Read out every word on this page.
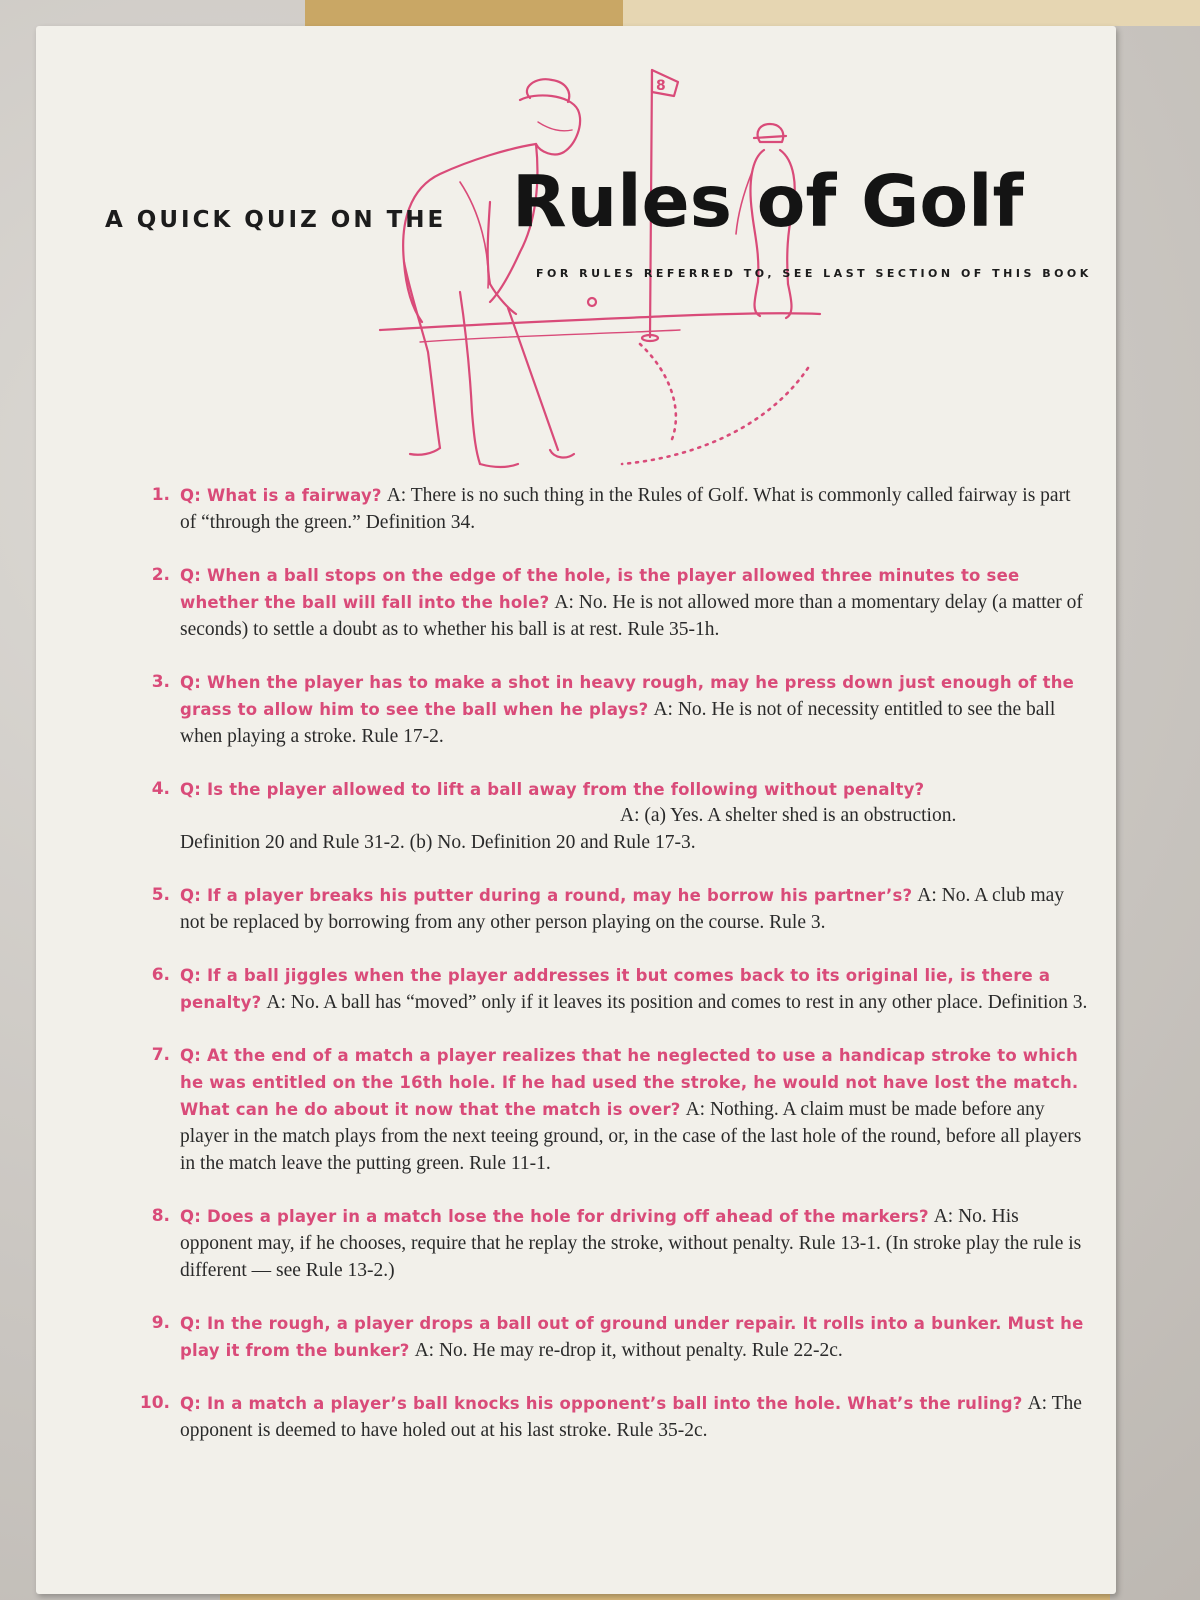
8
A QUICK QUIZ ON THE Rules of Golf
FOR RULES REFERRED TO, SEE LAST SECTION OF THIS BOOK
1. Q: What is a fairway? A: There is no such thing in the Rules of Golf. What is commonly called fairway is part of “through the green.” Definition 34.
2. Q: When a ball stops on the edge of the hole, is the player allowed three minutes to see whether the ball will fall into the hole? A: No. He is not allowed more than a momentary delay (a matter of seconds) to settle a doubt as to whether his ball is at rest. Rule 35-1h.
3. Q: When the player has to make a shot in heavy rough, may he press down just enough of the grass to allow him to see the ball when he plays? A: No. He is not of necessity entitled to see the ball when playing a stroke. Rule 17-2.
4. Q: Is the player allowed to lift a ball away from the following without penalty?
A: (a) Yes. A shelter shed is an obstruction.
Definition 20 and Rule 31-2. (b) No. Definition 20 and Rule 17-3.
5. Q: If a player breaks his putter during a round, may he borrow his partner’s? A: No. A club may not be replaced by borrowing from any other person playing on the course. Rule 3.
6. Q: If a ball jiggles when the player addresses it but comes back to its original lie, is there a penalty? A: No. A ball has “moved” only if it leaves its position and comes to rest in any other place. Definition 3.
7. Q: At the end of a match a player realizes that he neglected to use a handicap stroke to which he was entitled on the 16th hole. If he had used the stroke, he would not have lost the match. What can he do about it now that the match is over? A: Nothing. A claim must be made before any player in the match plays from the next teeing ground, or, in the case of the last hole of the round, before all players in the match leave the putting green. Rule 11-1.
8. Q: Does a player in a match lose the hole for driving off ahead of the markers? A: No. His opponent may, if he chooses, require that he replay the stroke, without penalty. Rule 13-1. (In stroke play the rule is different — see Rule 13-2.)
9. Q: In the rough, a player drops a ball out of ground under repair. It rolls into a bunker. Must he play it from the bunker? A: No. He may re-drop it, without penalty. Rule 22-2c.
10. Q: In a match a player’s ball knocks his opponent’s ball into the hole. What’s the ruling? A: The opponent is deemed to have holed out at his last stroke. Rule 35-2c.
